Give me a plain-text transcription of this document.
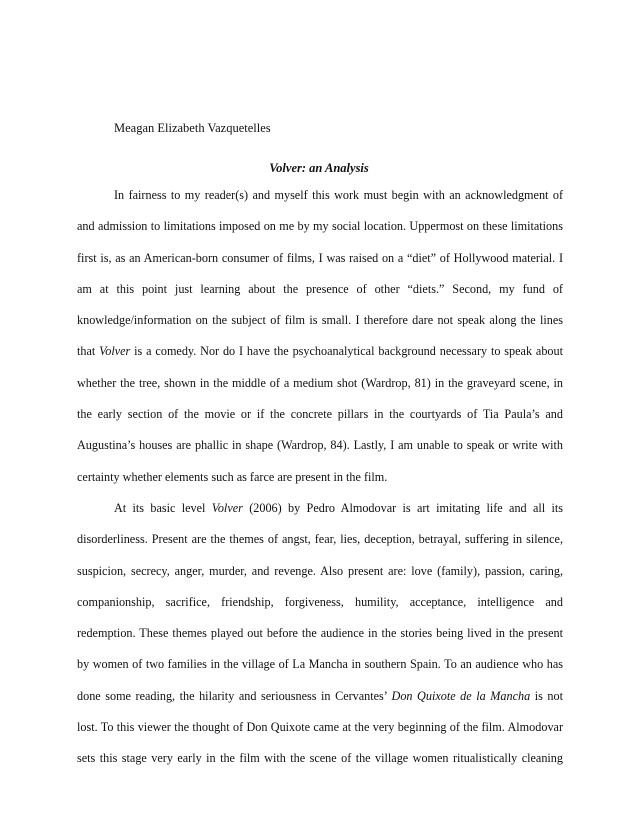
Meagan Elizabeth Vazquetelles
Volver: an Analysis
In fairness to my reader(s) and myself this work must begin with an acknowledgment of
and admission to limitations imposed on me by my social location. Uppermost on these limitations
first is, as an American-born consumer of films, I was raised on a “diet” of Hollywood material. I
am at this point just learning about the presence of other “diets.” Second, my fund of
knowledge/information on the subject of film is small. I therefore dare not speak along the lines
that Volver is a comedy. Nor do I have the psychoanalytical background necessary to speak about
whether the tree, shown in the middle of a medium shot (Wardrop, 81) in the graveyard scene, in
the early section of the movie or if the concrete pillars in the courtyards of Tia Paula’s and
Augustina’s houses are phallic in shape (Wardrop, 84). Lastly, I am unable to speak or write with
certainty whether elements such as farce are present in the film.
At its basic level Volver (2006) by Pedro Almodovar is art imitating life and all its
disorderliness. Present are the themes of angst, fear, lies, deception, betrayal, suffering in silence,
suspicion, secrecy, anger, murder, and revenge. Also present are: love (family), passion, caring,
companionship, sacrifice, friendship, forgiveness, humility, acceptance, intelligence and
redemption. These themes played out before the audience in the stories being lived in the present
by women of two families in the village of La Mancha in southern Spain. To an audience who has
done some reading, the hilarity and seriousness in Cervantes’ Don Quixote de la Mancha is not
lost. To this viewer the thought of Don Quixote came at the very beginning of the film. Almodovar
sets this stage very early in the film with the scene of the village women ritualistically cleaning
